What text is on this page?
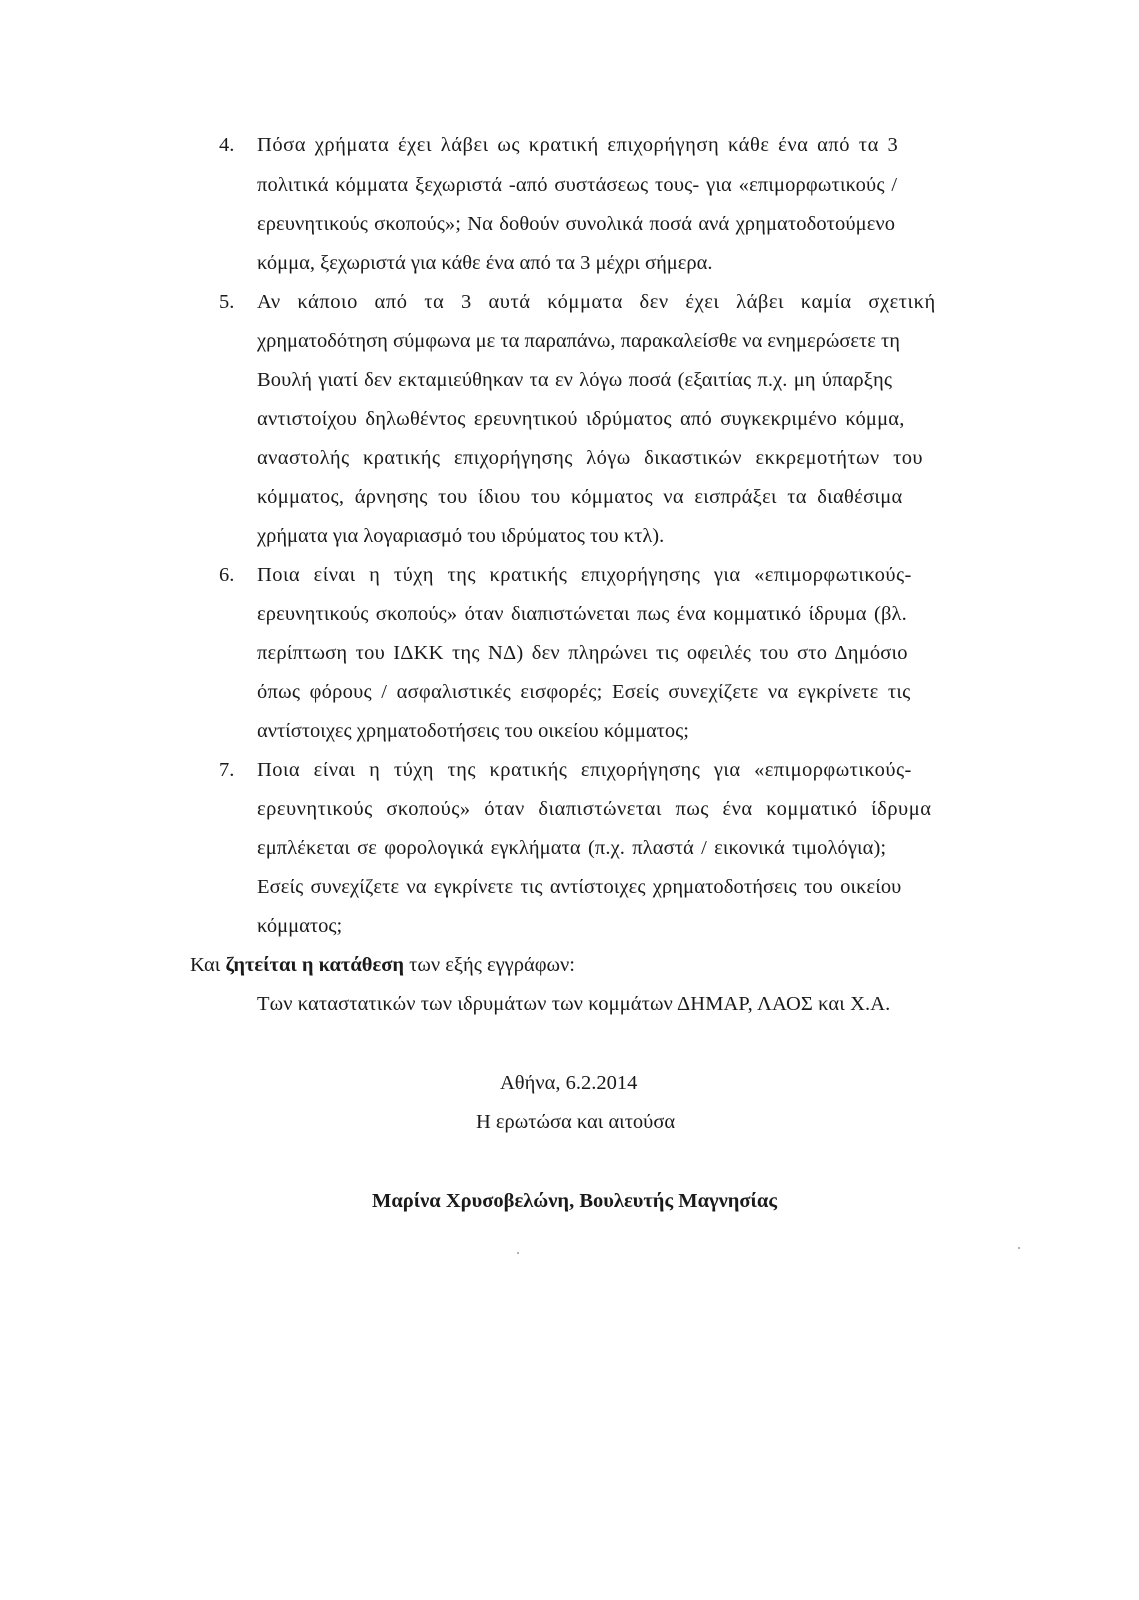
4. Πόσα χρήματα έχει λάβει ως κρατική επιχορήγηση κάθε ένα από τα 3
πολιτικά κόμματα ξεχωριστά -από συστάσεως τους- για «επιμορφωτικούς /
ερευνητικούς σκοπούς»; Να δοθούν συνολικά ποσά ανά χρηματοδοτούμενο
κόμμα, ξεχωριστά για κάθε ένα από τα 3 μέχρι σήμερα.
5. Αν κάποιο από τα 3 αυτά κόμματα δεν έχει λάβει καμία σχετική
χρηματοδότηση σύμφωνα με τα παραπάνω, παρακαλείσθε να ενημερώσετε τη
Βουλή γιατί δεν εκταμιεύθηκαν τα εν λόγω ποσά (εξαιτίας π.χ. μη ύπαρξης
αντιστοίχου δηλωθέντος ερευνητικού ιδρύματος από συγκεκριμένο κόμμα,
αναστολής κρατικής επιχορήγησης λόγω δικαστικών εκκρεμοτήτων του
κόμματος, άρνησης του ίδιου του κόμματος να εισπράξει τα διαθέσιμα
χρήματα για λογαριασμό του ιδρύματος του κτλ).
6. Ποια είναι η τύχη της κρατικής επιχορήγησης για «επιμορφωτικούς-
ερευνητικούς σκοπούς» όταν διαπιστώνεται πως ένα κομματικό ίδρυμα (βλ.
περίπτωση του ΙΔΚΚ της ΝΔ) δεν πληρώνει τις οφειλές του στο Δημόσιο
όπως φόρους / ασφαλιστικές εισφορές; Εσείς συνεχίζετε να εγκρίνετε τις
αντίστοιχες χρηματοδοτήσεις του οικείου κόμματος;
7. Ποια είναι η τύχη της κρατικής επιχορήγησης για «επιμορφωτικούς-
ερευνητικούς σκοπούς» όταν διαπιστώνεται πως ένα κομματικό ίδρυμα
εμπλέκεται σε φορολογικά εγκλήματα (π.χ. πλαστά / εικονικά τιμολόγια);
Εσείς συνεχίζετε να εγκρίνετε τις αντίστοιχες χρηματοδοτήσεις του οικείου
κόμματος;
Και ζητείται η κατάθεση των εξής εγγράφων:
Των καταστατικών των ιδρυμάτων των κομμάτων ΔΗΜΑΡ, ΛΑΟΣ και Χ.Α.
Αθήνα, 6.2.2014
Η ερωτώσα και αιτούσα
Μαρίνα Χρυσοβελώνη, Βουλευτής Μαγνησίας
